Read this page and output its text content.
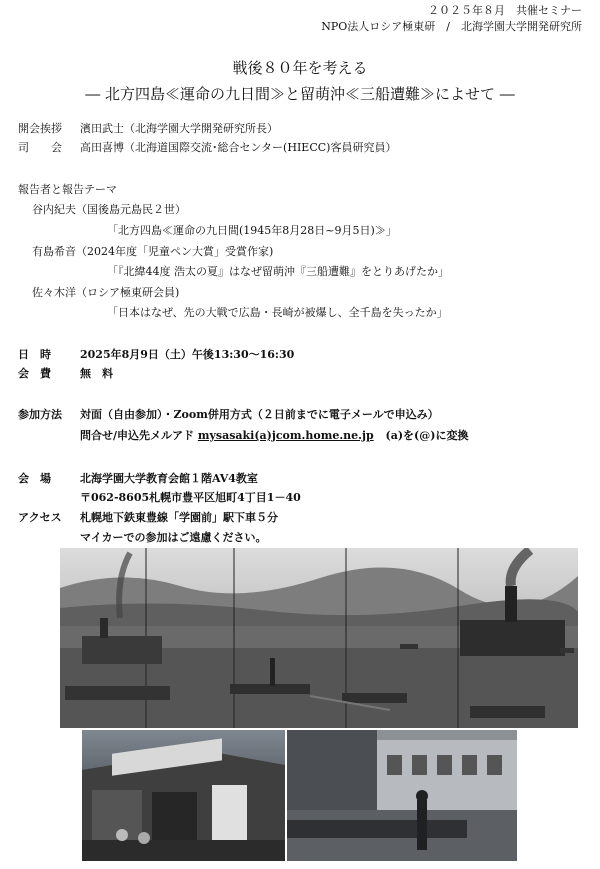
２０２５年８月　共催セミナー
NPO法人ロシア極東研　/　北海学園大学開発研究所
戦後８０年を考える
― 北方四島≪運命の九日間≫と留萌沖≪三船遭難≫によせて ―
開会挨拶 濱田武士（北海学園大学開発研究所長）
司　　会 高田喜博（北海道国際交流･総合センター(HIECC)客員研究員）
報告者と報告テーマ
谷内紀夫（国後島元島民２世）
「北方四島≪運命の九日間(1945年8月28日~9月5日)≫」
有島希音（2024年度「児童ペン大賞」受賞作家)
「『北緯44度 浩太の夏』はなぜ留萌沖『三船遭難』をとりあげたか」
佐々木洋（ロシア極東研会員)
「日本はなぜ、先の大戦で広島・長崎が被爆し、全千島を失ったか」
日　時	2025年8月9日（土）午後13:30～16:30
会　費	無　料
参加方法 対面（自由参加）・Zoom併用方式（２日前までに電子メールで申込み）
問合せ/申込先メルアド mysasaki(a)jcom.home.ne.jp (a)を(@)に変換
会　場	北海学園大学教育会館１階AV4教室
〒062-8605札幌市豊平区旭町4丁目1－40
アクセス 札幌地下鉄東豊線「学園前」駅下車５分
マイカーでの参加はご遠慮ください。
